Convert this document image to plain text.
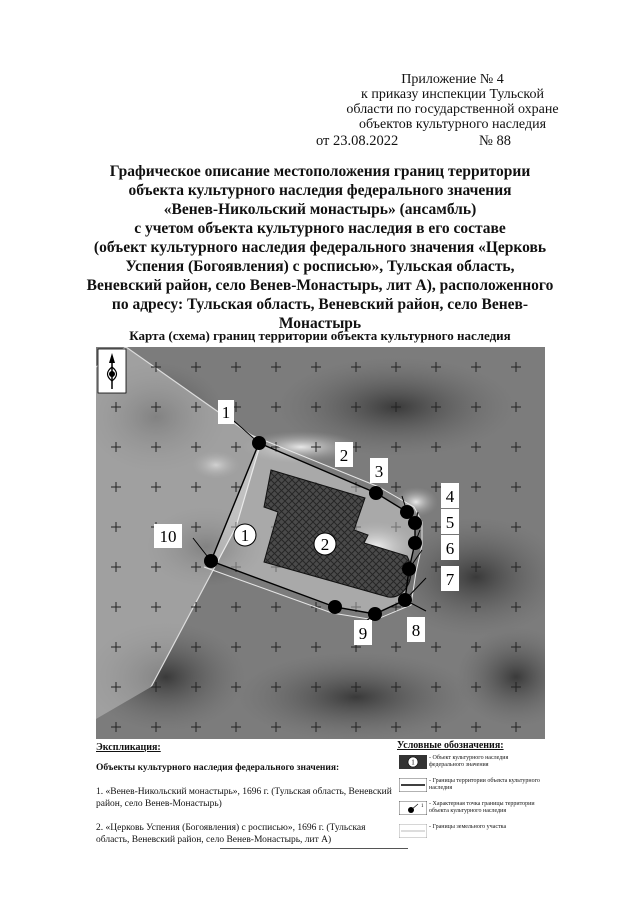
Приложение № 4
к приказу инспекции Тульской
области по государственной охране
объектов культурного наследия
от 23.08.2022	№ 88
Графическое описание местоположения границ территории
объекта культурного наследия федерального значения
«Венев-Никольский монастырь» (ансамбль)
с учетом объекта культурного наследия в его составе
(объект культурного наследия федерального значения «Церковь
Успения (Богоявления) с росписью», Тульская область,
Веневский район, село Венев-Монастырь, лит А), расположенного
по адресу: Тульская область, Веневский район, село Венев-
Монастырь
Карта (схема) границ территории объекта культурного наследия
1	2
1
2
3
4
5
6
7
8
9
10
Экспликация:
Объекты культурного наследия федерального значения:
1. «Венев-Никольский монастырь», 1696 г. (Тульская область, Веневский район, село Венев-Монастырь)
2. «Церковь Успения (Богоявления) с росписью», 1696 г. (Тульская область, Веневский район, село Венев-Монастырь, лит А)
Условные обозначения:
1
- Объект культурного наследия федерального значения
- Границы территории объекта культурного наследия
1 - Характерная точка границы территории объекта культурного наследия
- Границы земельного участка
